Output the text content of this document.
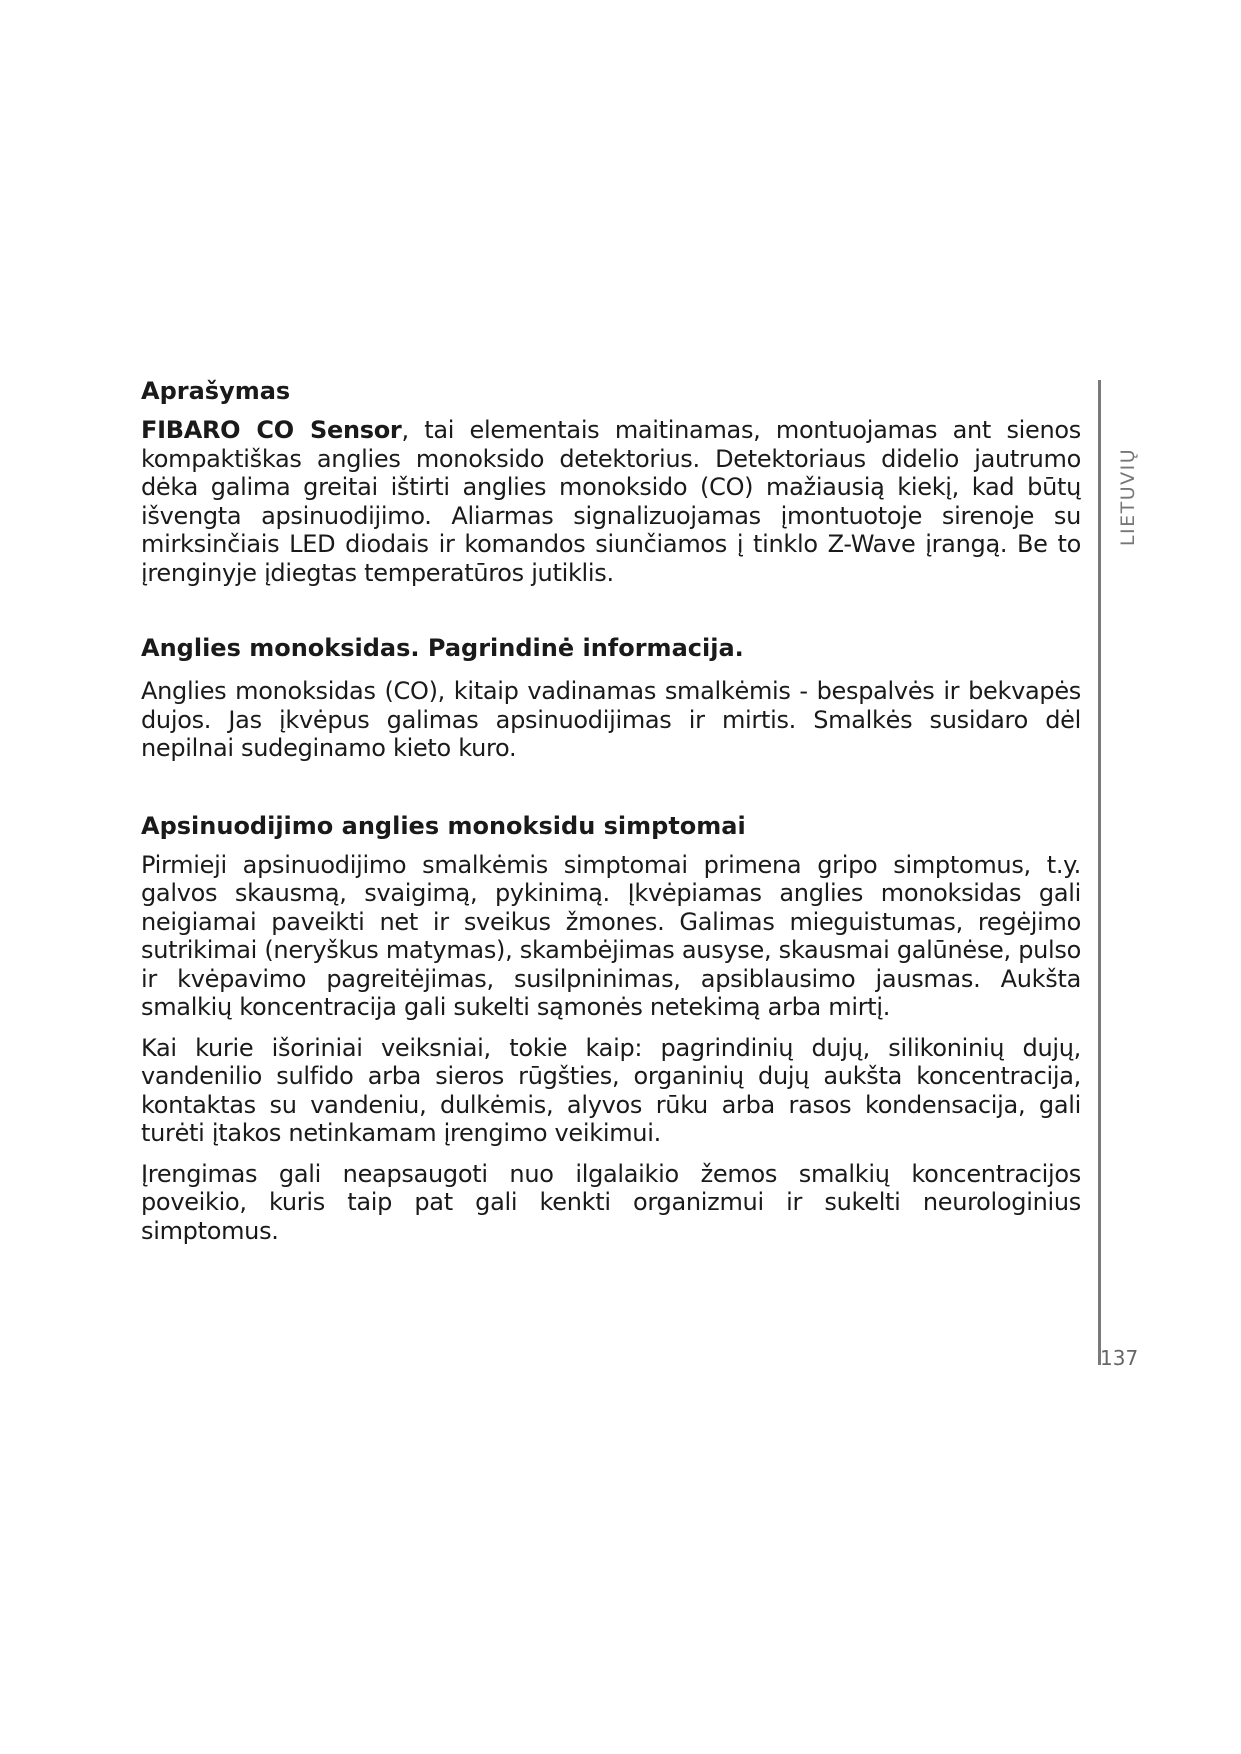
Aprašymas

FIBARO CO Sensor, tai elementais maitinamas, montuojamas ant sienos kompaktiškas anglies monoksido detektorius. Detektoriaus didelio jautrumo dėka galima greitai ištirti anglies monoksido (CO) mažiausią kiekį, kad būtų išvengta apsinuodijimo. Aliarmas signalizuojamas įmontuotoje sirenoje su mirksinčiais LED diodais ir komandos siunčiamos į tinklo Z-Wave įrangą. Be to įrenginyje įdiegtas temperatūros jutiklis.

Anglies monoksidas. Pagrindinė informacija.

Anglies monoksidas (CO), kitaip vadinamas smalkėmis - bespalvės ir bekvapės dujos. Jas įkvėpus galimas apsinuodijimas ir mirtis. Smalkės susidaro dėl nepilnai sudeginamo kieto kuro.

Apsinuodijimo anglies monoksidu simptomai

Pirmieji apsinuodijimo smalkėmis simptomai primena gripo simptomus, t.y. galvos skausmą, svaigimą, pykinimą. Įkvėpiamas anglies monoksidas gali neigiamai paveikti net ir sveikus žmones. Galimas mieguistumas, regėjimo sutrikimai (neryškus matymas), skambėjimas ausyse, skausmai galūnėse, pulso ir kvėpavimo pagreitėjimas, susilpninimas, apsiblausimo jausmas. Aukšta smalkių koncentracija gali sukelti sąmonės netekimą arba mirtį.

Kai kurie išoriniai veiksniai, tokie kaip: pagrindinių dujų, silikoninių dujų, vandenilio sulfido arba sieros rūgšties, organinių dujų aukšta koncentracija, kontaktas su vandeniu, dulkėmis, alyvos rūku arba rasos kondensacija, gali turėti įtakos netinkamam įrengimo veikimui.

Įrengimas gali neapsaugoti nuo ilgalaikio žemos smalkių koncentracijos poveikio, kuris taip pat gali kenkti organizmui ir sukelti neurologinius simptomus.

LIETUVIŲ
137
